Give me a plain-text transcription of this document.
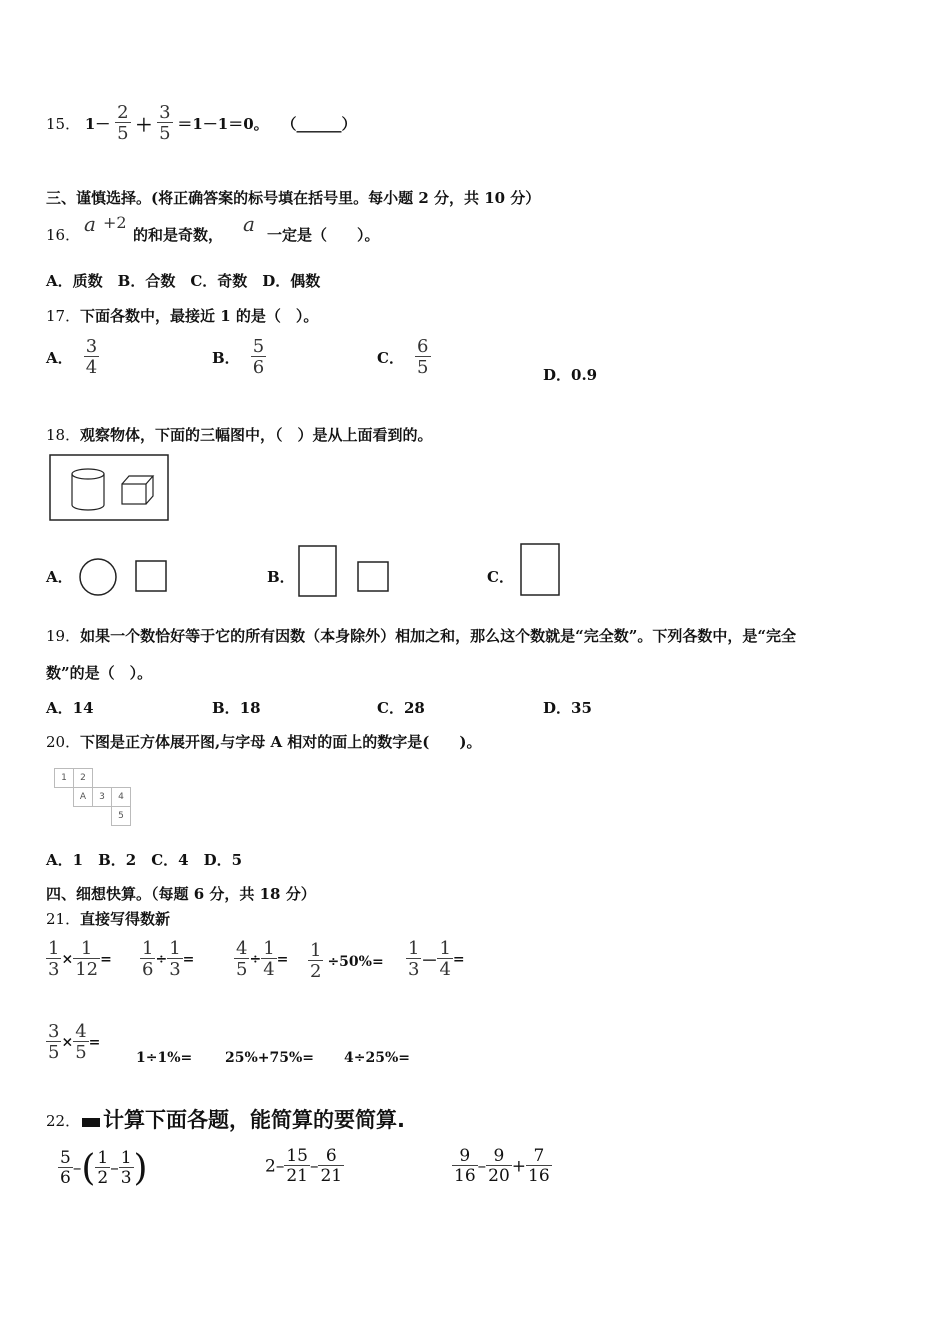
15． $1- \frac{2}{5} + \frac{3}{5} =1-1=0$。 （______）
三、谨慎选择。(将正确答案的标号填在括号里。每小题 2 分，共 10 分）
16． a +2
的和是奇数， a 一定是（　　）。
A．质数　B．合数　C．奇数　D．偶数
17． 下面各数中，最接近 1 的是（　）。
A． $\frac{3}{4}$	B． $\frac{5}{6}$	C． $\frac{6}{5}$	D．0.9
18． 观察物体，下面的三幅图中，（　）是从上面看到的。
A．	B．	C．
19．如果一个数恰好等于它的所有因数（本身除外）相加之和，那么这个数就是“完全数”。下列各数中，是“完全
数”的是（　）。
A．14	B．18	C．28	D．35
20． 下图是正方体展开图,与字母 A 相对的面上的数字是(　　)。
1	2		
	A	3	4
			5
A．1　B．2　C．4　D．5
四、细想快算。（每题 6 分，共 18 分）
21． 直接写得数新
$\frac{1}{3} \times \frac{1}{12} = \frac{1}{6} \div \frac{1}{3} = \frac{4}{5} \div \frac{1}{4} = \frac{1}{2} \div 50\%= \frac{1}{3} - \frac{1}{4}$ =
$\frac{3}{5} \times \frac{4}{5}$ =
1÷1%= 25%+75%= 4÷25%=
22． 计算下面各题，能简算的要简算.
$\frac{5}{6}$ –( $\frac{1}{2} - \frac{1}{3}$ )	$2- \frac{15}{21} - \frac{6}{21}$	$\frac{9}{16} - \frac{9}{20} + \frac{7}{16}$
